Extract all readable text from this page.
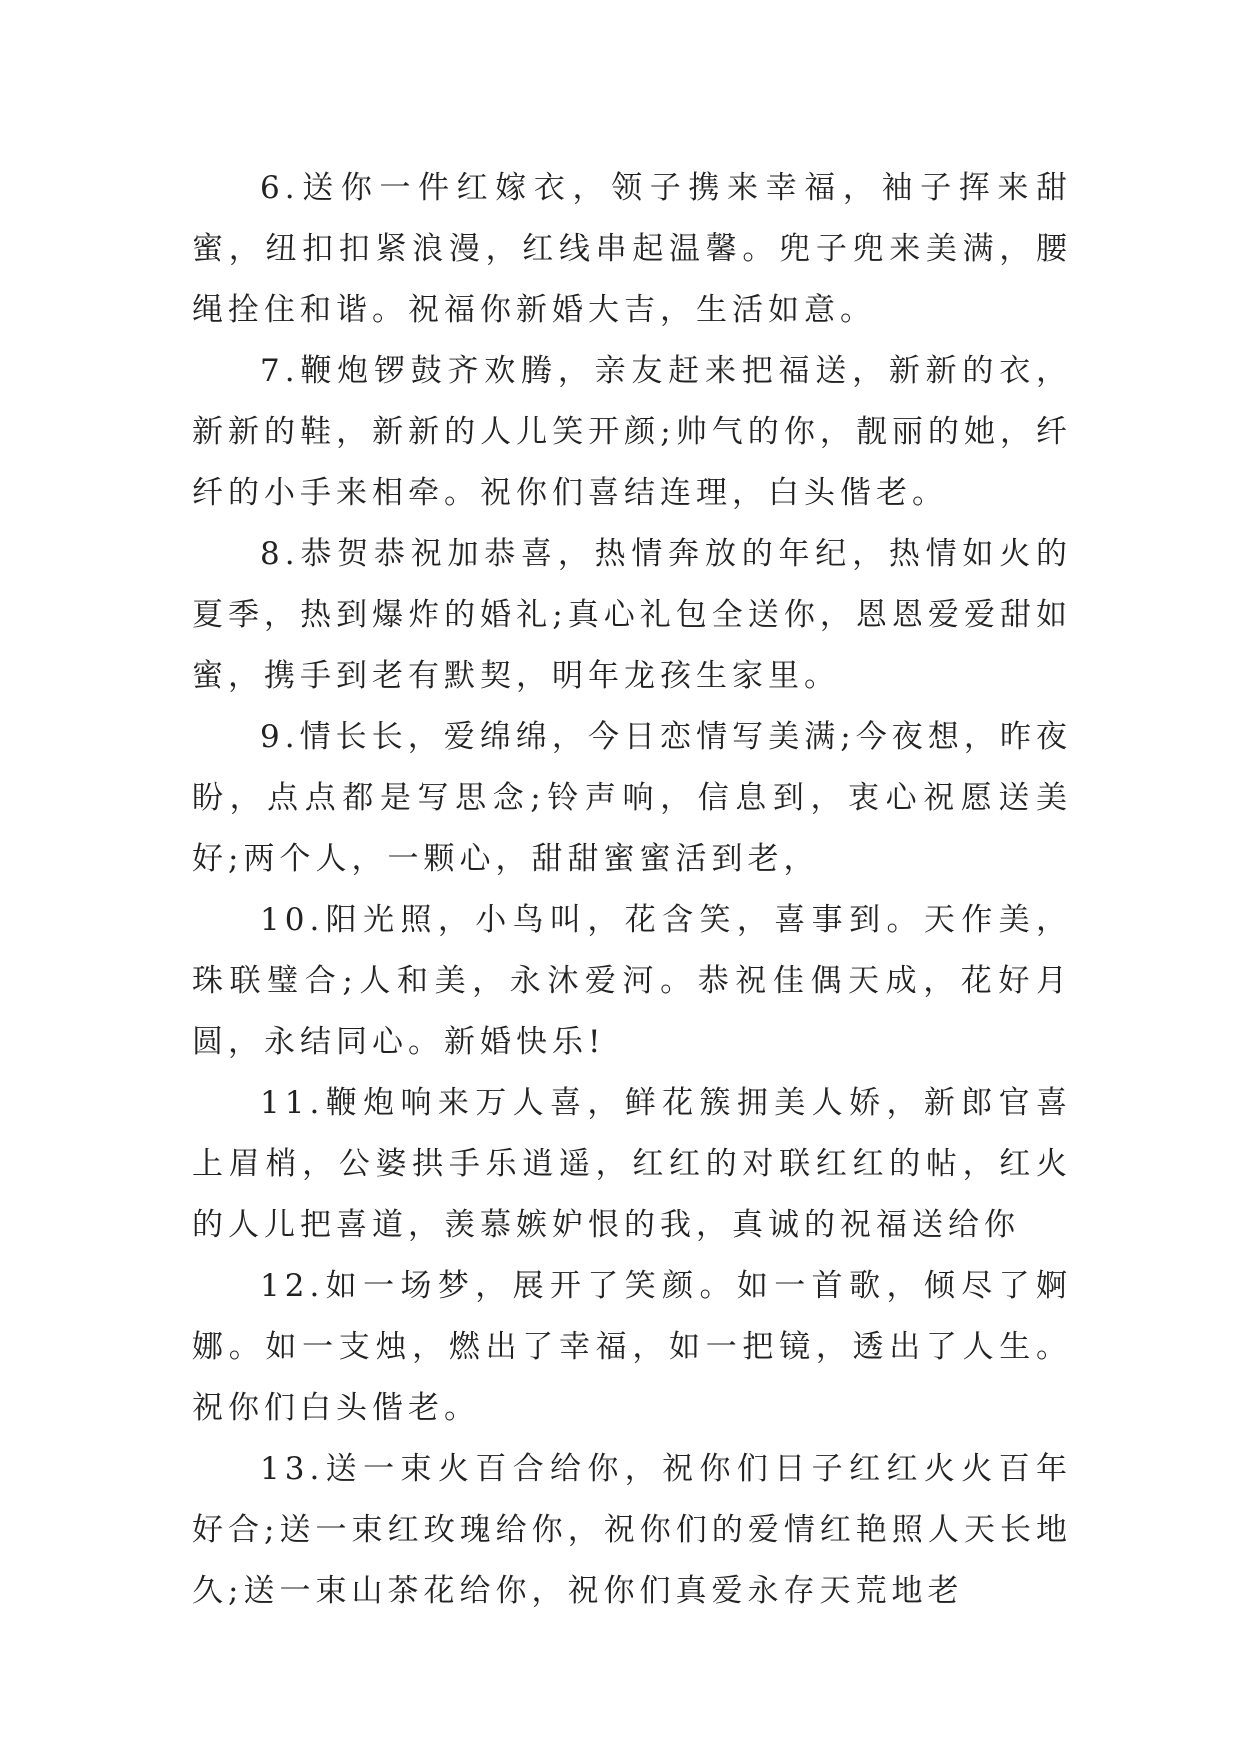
6.送你一件红嫁衣，领子携来幸福，袖子挥来甜蜜，纽扣扣紧浪漫，红线串起温馨。兜子兜来美满，腰绳拴住和谐。祝福你新婚大吉，生活如意。

7.鞭炮锣鼓齐欢腾，亲友赶来把福送，新新的衣，新新的鞋，新新的人儿笑开颜;帅气的你，靓丽的她，纤纤的小手来相牵。祝你们喜结连理，白头偕老。

8.恭贺恭祝加恭喜，热情奔放的年纪，热情如火的夏季，热到爆炸的婚礼;真心礼包全送你，恩恩爱爱甜如蜜，携手到老有默契，明年龙孩生家里。

9.情长长，爱绵绵，今日恋情写美满;今夜想，昨夜盼，点点都是写思念;铃声响，信息到，衷心祝愿送美好;两个人，一颗心，甜甜蜜蜜活到老，

10.阳光照，小鸟叫，花含笑，喜事到。天作美，珠联璧合;人和美，永沐爱河。恭祝佳偶天成，花好月圆，永结同心。新婚快乐!

11.鞭炮响来万人喜，鲜花簇拥美人娇，新郎官喜上眉梢，公婆拱手乐逍遥，红红的对联红红的帖，红火的人儿把喜道，羡慕嫉妒恨的我，真诚的祝福送给你

12.如一场梦，展开了笑颜。如一首歌，倾尽了婀娜。如一支烛，燃出了幸福，如一把镜，透出了人生。祝你们白头偕老。

13.送一束火百合给你，祝你们日子红红火火百年好合;送一束红玫瑰给你，祝你们的爱情红艳照人天长地久;送一束山茶花给你，祝你们真爱永存天荒地老
